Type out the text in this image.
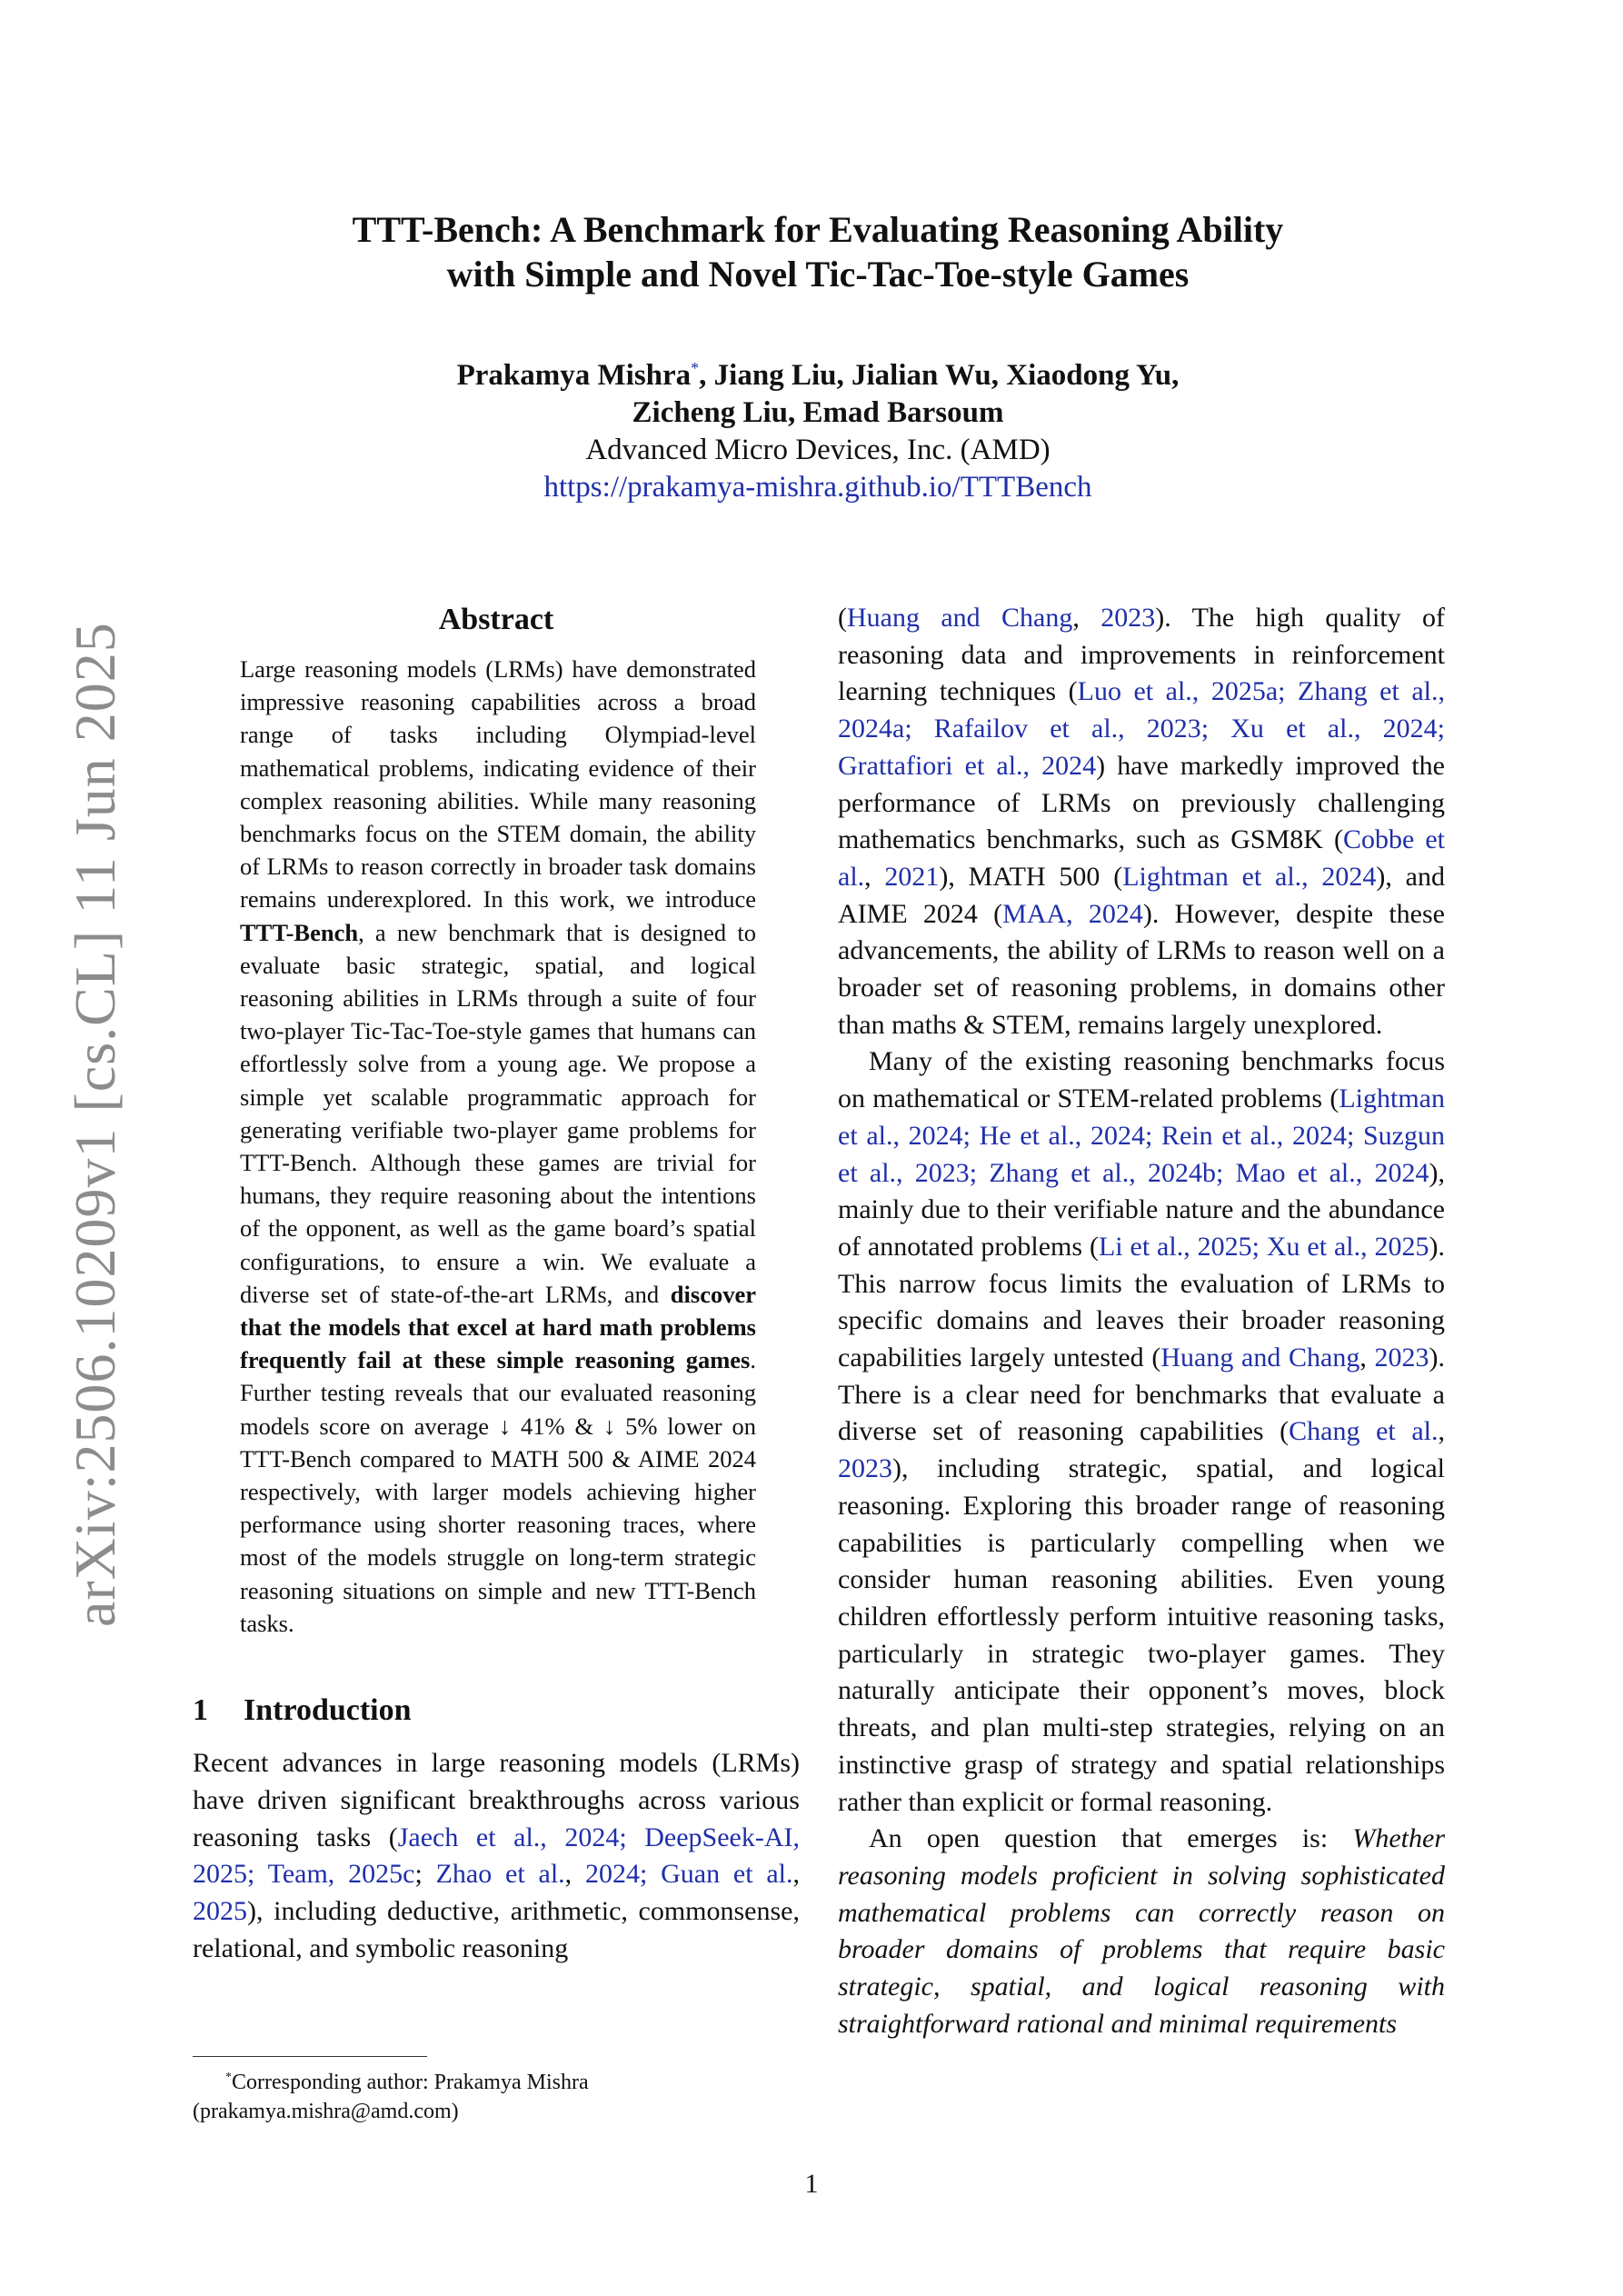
arXiv:2506.10209v1 [cs.CL] 11 Jun 2025
TTT-Bench: A Benchmark for Evaluating Reasoning Ability
with Simple and Novel Tic-Tac-Toe-style Games
Prakamya Mishra*, Jiang Liu, Jialian Wu, Xiaodong Yu,
Zicheng Liu, Emad Barsoum
Advanced Micro Devices, Inc. (AMD)
https://prakamya-mishra.github.io/TTTBench
Abstract

Large reasoning models (LRMs) have demonstrated impressive reasoning capabilities across a broad range of tasks including Olympiad-level mathematical problems, indicating evidence of their complex reasoning abilities. While many reasoning benchmarks focus on the STEM domain, the ability of LRMs to reason correctly in broader task domains remains underexplored. In this work, we introduce TTT-Bench, a new benchmark that is designed to evaluate basic strategic, spatial, and logical reasoning abilities in LRMs through a suite of four two-player Tic-Tac-Toe-style games that humans can effortlessly solve from a young age. We propose a simple yet scalable programmatic approach for generating verifiable two-player game problems for TTT-Bench. Although these games are trivial for humans, they require reasoning about the intentions of the opponent, as well as the game board’s spatial configurations, to ensure a win. We evaluate a diverse set of state-of-the-art LRMs, and discover that the models that excel at hard math problems frequently fail at these simple reasoning games. Further testing reveals that our evaluated reasoning models score on average ↓ 41% & ↓ 5% lower on TTT-Bench compared to MATH 500 & AIME 2024 respectively, with larger models achieving higher performance using shorter reasoning traces, where most of the models struggle on long-term strategic reasoning situations on simple and new TTT-Bench tasks.

1 Introduction

Recent advances in large reasoning models (LRMs) have driven significant breakthroughs across various reasoning tasks (Jaech et al., 2024; DeepSeek-AI, 2025; Team, 2025c; Zhao et al., 2024; Guan et al., 2025), including deductive, arithmetic, commonsense, relational, and symbolic reasoning

(Huang and Chang, 2023). The high quality of reasoning data and improvements in reinforcement learning techniques (Luo et al., 2025a; Zhang et al., 2024a; Rafailov et al., 2023; Xu et al., 2024; Grattafiori et al., 2024) have markedly improved the performance of LRMs on previously challenging mathematics benchmarks, such as GSM8K (Cobbe et al., 2021), MATH 500 (Lightman et al., 2024), and AIME 2024 (MAA, 2024). However, despite these advancements, the ability of LRMs to reason well on a broader set of reasoning problems, in domains other than maths & STEM, remains largely unexplored.

Many of the existing reasoning benchmarks focus on mathematical or STEM-related problems (Lightman et al., 2024; He et al., 2024; Rein et al., 2024; Suzgun et al., 2023; Zhang et al., 2024b; Mao et al., 2024), mainly due to their verifiable nature and the abundance of annotated problems (Li et al., 2025; Xu et al., 2025). This narrow focus limits the evaluation of LRMs to specific domains and leaves their broader reasoning capabilities largely untested (Huang and Chang, 2023). There is a clear need for benchmarks that evaluate a diverse set of reasoning capabilities (Chang et al., 2023), including strategic, spatial, and logical reasoning. Exploring this broader range of reasoning capabilities is particularly compelling when we consider human reasoning abilities. Even young children effortlessly perform intuitive reasoning tasks, particularly in strategic two-player games. They naturally anticipate their opponent’s moves, block threats, and plan multi-step strategies, relying on an instinctive grasp of strategy and spatial relationships rather than explicit or formal reasoning.

An open question that emerges is: Whether reasoning models proficient in solving sophisticated mathematical problems can correctly reason on broader domains of problems that require basic strategic, spatial, and logical reasoning with straightforward rational and minimal requirements

*Corresponding author: Prakamya Mishra
(prakamya.mishra@amd.com)
1
